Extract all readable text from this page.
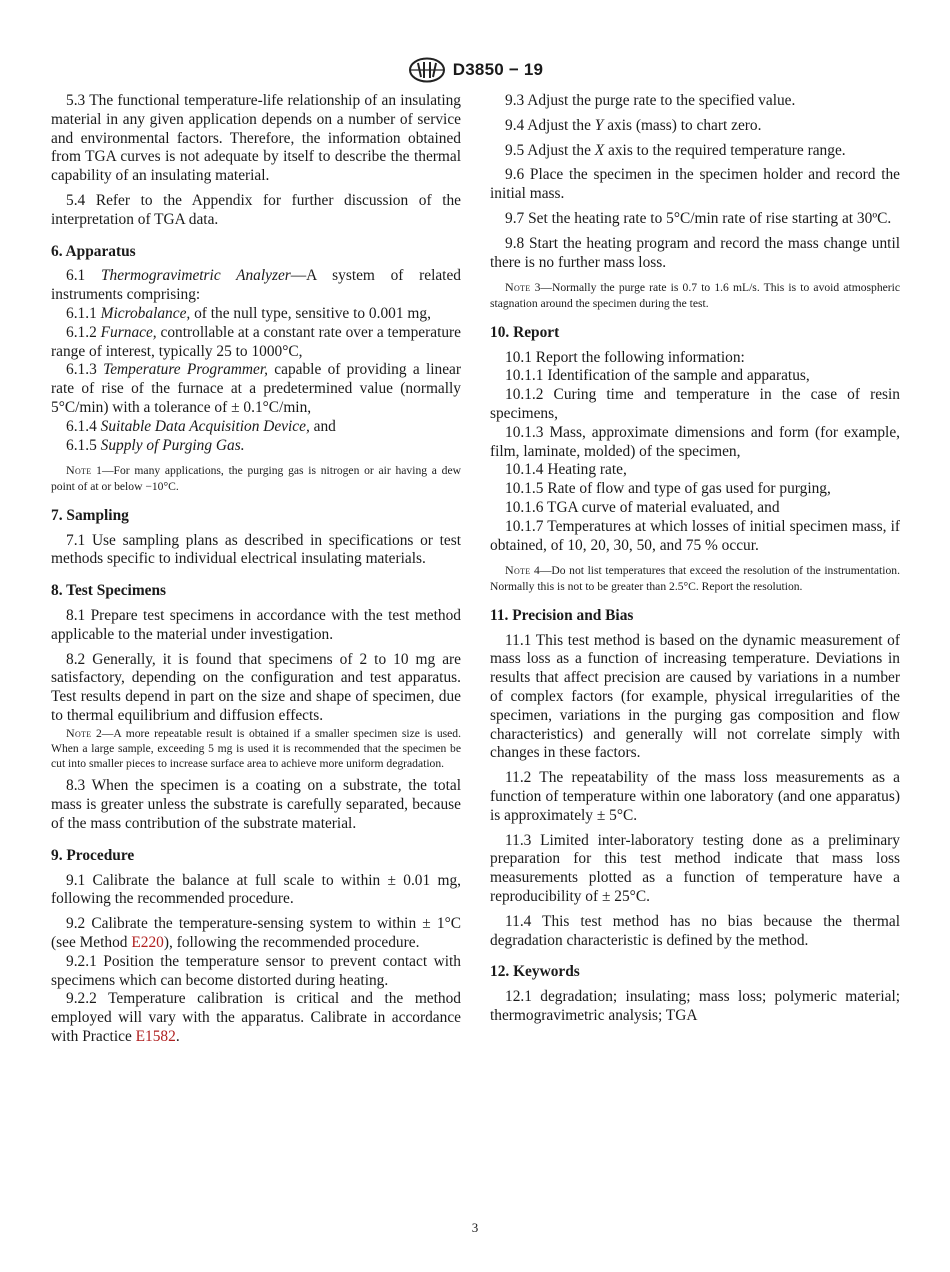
D3850 − 19

5.3 The functional temperature-life relationship of an insulating material in any given application depends on a number of service and environmental factors. Therefore, the information obtained from TGA curves is not adequate by itself to describe the thermal capability of an insulating material.

5.4 Refer to the Appendix for further discussion of the interpretation of TGA data.

6. Apparatus

6.1 Thermogravimetric Analyzer—A system of related instruments comprising:

6.1.1 Microbalance, of the null type, sensitive to 0.001 mg,

6.1.2 Furnace, controllable at a constant rate over a temperature range of interest, typically 25 to 1000°C,

6.1.3 Temperature Programmer, capable of providing a linear rate of rise of the furnace at a predetermined value (normally 5°C/min) with a tolerance of ± 0.1°C/min,

6.1.4 Suitable Data Acquisition Device, and

6.1.5 Supply of Purging Gas.

Note 1—For many applications, the purging gas is nitrogen or air having a dew point of at or below −10°C.

7. Sampling

7.1 Use sampling plans as described in specifications or test methods specific to individual electrical insulating materials.

8. Test Specimens

8.1 Prepare test specimens in accordance with the test method applicable to the material under investigation.

8.2 Generally, it is found that specimens of 2 to 10 mg are satisfactory, depending on the configuration and test apparatus. Test results depend in part on the size and shape of specimen, due to thermal equilibrium and diffusion effects.

Note 2—A more repeatable result is obtained if a smaller specimen size is used. When a large sample, exceeding 5 mg is used it is recommended that the specimen be cut into smaller pieces to increase surface area to achieve more uniform degradation.

8.3 When the specimen is a coating on a substrate, the total mass is greater unless the substrate is carefully separated, because of the mass contribution of the substrate material.

9. Procedure

9.1 Calibrate the balance at full scale to within ± 0.01 mg, following the recommended procedure.

9.2 Calibrate the temperature-sensing system to within ± 1°C (see Method E220), following the recommended procedure.

9.2.1 Position the temperature sensor to prevent contact with specimens which can become distorted during heating.

9.2.2 Temperature calibration is critical and the method employed will vary with the apparatus. Calibrate in accordance with Practice E1582.

9.3 Adjust the purge rate to the specified value.

9.4 Adjust the Y axis (mass) to chart zero.

9.5 Adjust the X axis to the required temperature range.

9.6 Place the specimen in the specimen holder and record the initial mass.

9.7 Set the heating rate to 5°C/min rate of rise starting at 30ºC.

9.8 Start the heating program and record the mass change until there is no further mass loss.

Note 3—Normally the purge rate is 0.7 to 1.6 mL/s. This is to avoid atmospheric stagnation around the specimen during the test.

10. Report

10.1 Report the following information:

10.1.1 Identification of the sample and apparatus,

10.1.2 Curing time and temperature in the case of resin specimens,

10.1.3 Mass, approximate dimensions and form (for example, film, laminate, molded) of the specimen,

10.1.4 Heating rate,

10.1.5 Rate of flow and type of gas used for purging,

10.1.6 TGA curve of material evaluated, and

10.1.7 Temperatures at which losses of initial specimen mass, if obtained, of 10, 20, 30, 50, and 75 % occur.

Note 4—Do not list temperatures that exceed the resolution of the instrumentation. Normally this is not to be greater than 2.5°C. Report the resolution.

11. Precision and Bias

11.1 This test method is based on the dynamic measurement of mass loss as a function of increasing temperature. Deviations in results that affect precision are caused by variations in a number of complex factors (for example, physical irregularities of the specimen, variations in the purging gas composition and flow characteristics) and generally will not correlate simply with changes in these factors.

11.2 The repeatability of the mass loss measurements as a function of temperature within one laboratory (and one apparatus) is approximately ± 5°C.

11.3 Limited inter-laboratory testing done as a preliminary preparation for this test method indicate that mass loss measurements plotted as a function of temperature have a reproducibility of ± 25°C.

11.4 This test method has no bias because the thermal degradation characteristic is defined by the method.

12. Keywords

12.1 degradation; insulating; mass loss; polymeric material; thermogravimetric analysis; TGA

3
